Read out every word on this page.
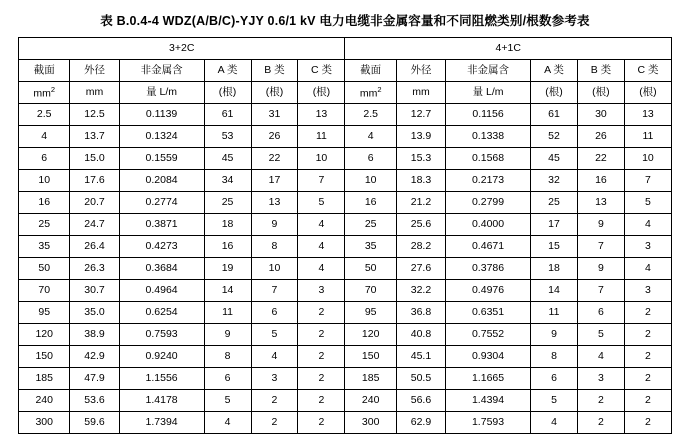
表 B.0.4-4 WDZ(A/B/C)-YJY 0.6/1 kV 电力电缆非金属容量和不同阻燃类别/根数参考表
3+2C						4+1C					
截面	外径	非金属含	A 类	B 类	C 类	截面	外径	非金属含	A 类	B 类	C 类
$mm^2$	mm	量 L/m	(根)	(根)	(根)	$mm^2$	mm	量 L/m	(根)	(根)	(根)
2.5	12.5	0.1139	61	31	13	2.5	12.7	0.1156	61	30	13
4	13.7	0.1324	53	26	11	4	13.9	0.1338	52	26	11
6	15.0	0.1559	45	22	10	6	15.3	0.1568	45	22	10
10	17.6	0.2084	34	17	7	10	18.3	0.2173	32	16	7
16	20.7	0.2774	25	13	5	16	21.2	0.2799	25	13	5
25	24.7	0.3871	18	9	4	25	25.6	0.4000	17	9	4
35	26.4	0.4273	16	8	4	35	28.2	0.4671	15	7	3
50	26.3	0.3684	19	10	4	50	27.6	0.3786	18	9	4
70	30.7	0.4964	14	7	3	70	32.2	0.4976	14	7	3
95	35.0	0.6254	11	6	2	95	36.8	0.6351	11	6	2
120	38.9	0.7593	9	5	2	120	40.8	0.7552	9	5	2
150	42.9	0.9240	8	4	2	150	45.1	0.9304	8	4	2
185	47.9	1.1556	6	3	2	185	50.5	1.1665	6	3	2
240	53.6	1.4178	5	2	2	240	56.6	1.4394	5	2	2
300	59.6	1.7394	4	2	2	300	62.9	1.7593	4	2	2
